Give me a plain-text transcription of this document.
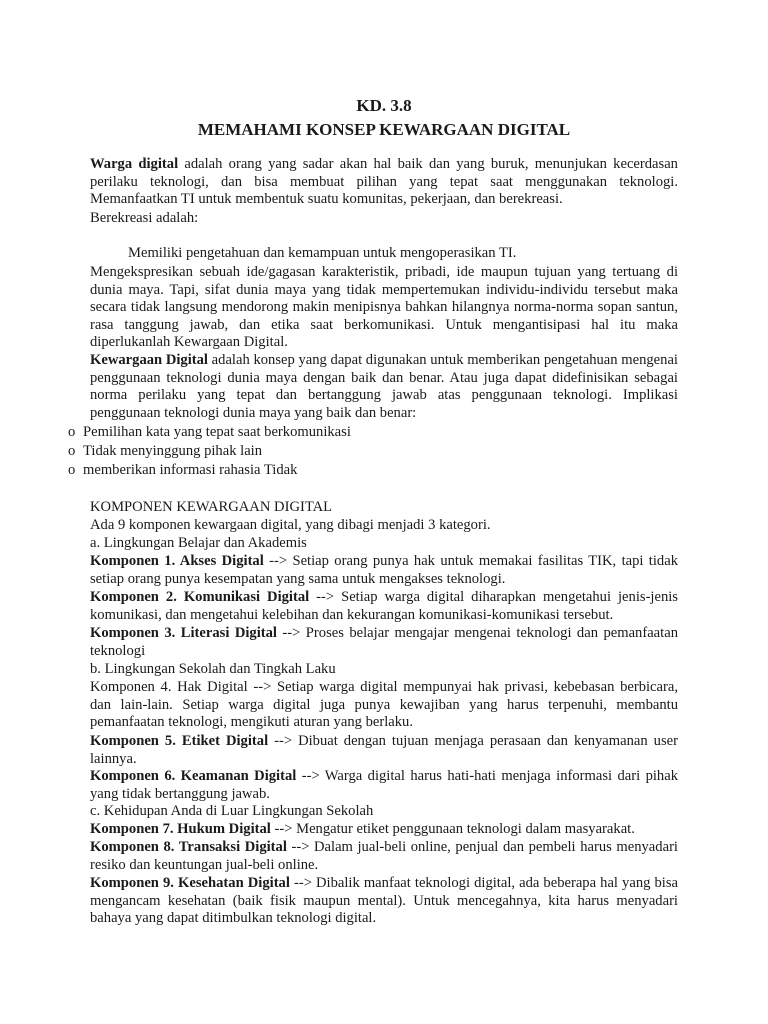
KD. 3.8
MEMAHAMI KONSEP KEWARGAAN DIGITAL
Warga digital adalah orang yang sadar akan hal baik dan yang buruk, menunjukan kecerdasan perilaku teknologi, dan bisa membuat pilihan yang tepat saat menggunakan teknologi. Memanfaatkan TI untuk membentuk suatu komunitas, pekerjaan, dan berekreasi.
Berekreasi adalah:
Memiliki pengetahuan dan kemampuan untuk mengoperasikan TI.
Mengekspresikan sebuah ide/gagasan karakteristik, pribadi, ide maupun tujuan yang tertuang di dunia maya. Tapi, sifat dunia maya yang tidak mempertemukan individu-individu tersebut maka secara tidak langsung mendorong makin menipisnya bahkan hilangnya norma-norma sopan santun, rasa tanggung jawab, dan etika saat berkomunikasi. Untuk mengantisipasi hal itu maka diperlukanlah Kewargaan Digital.
Kewargaan Digital adalah konsep yang dapat digunakan untuk memberikan pengetahuan mengenai penggunaan teknologi dunia maya dengan baik dan benar. Atau juga dapat didefinisikan sebagai norma perilaku yang tepat dan bertanggung jawab atas penggunaan teknologi. Implikasi penggunaan teknologi dunia maya yang baik dan benar:
o Pemilihan kata yang tepat saat berkomunikasi
o Tidak menyinggung pihak lain
o memberikan informasi rahasia Tidak
KOMPONEN KEWARGAAN DIGITAL
Ada 9 komponen kewargaan digital, yang dibagi menjadi 3 kategori.
a. Lingkungan Belajar dan Akademis
Komponen 1. Akses Digital --> Setiap orang punya hak untuk memakai fasilitas TIK, tapi tidak setiap orang punya kesempatan yang sama untuk mengakses teknologi.
Komponen 2. Komunikasi Digital --> Setiap warga digital diharapkan mengetahui jenis-jenis komunikasi, dan mengetahui kelebihan dan kekurangan komunikasi-komunikasi tersebut.
Komponen 3. Literasi Digital --> Proses belajar mengajar mengenai teknologi dan pemanfaatan teknologi
b. Lingkungan Sekolah dan Tingkah Laku
Komponen 4. Hak Digital --> Setiap warga digital mempunyai hak privasi, kebebasan berbicara, dan lain-lain. Setiap warga digital juga punya kewajiban yang harus terpenuhi, membantu pemanfaatan teknologi, mengikuti aturan yang berlaku.
Komponen 5. Etiket Digital --> Dibuat dengan tujuan menjaga perasaan dan kenyamanan user lainnya.
Komponen 6. Keamanan Digital --> Warga digital harus hati-hati menjaga informasi dari pihak yang tidak bertanggung jawab.
c. Kehidupan Anda di Luar Lingkungan Sekolah
Komponen 7. Hukum Digital --> Mengatur etiket penggunaan teknologi dalam masyarakat.
Komponen 8. Transaksi Digital --> Dalam jual-beli online, penjual dan pembeli harus menyadari resiko dan keuntungan jual-beli online.
Komponen 9. Kesehatan Digital --> Dibalik manfaat teknologi digital, ada beberapa hal yang bisa mengancam kesehatan (baik fisik maupun mental). Untuk mencegahnya, kita harus menyadari bahaya yang dapat ditimbulkan teknologi digital.
